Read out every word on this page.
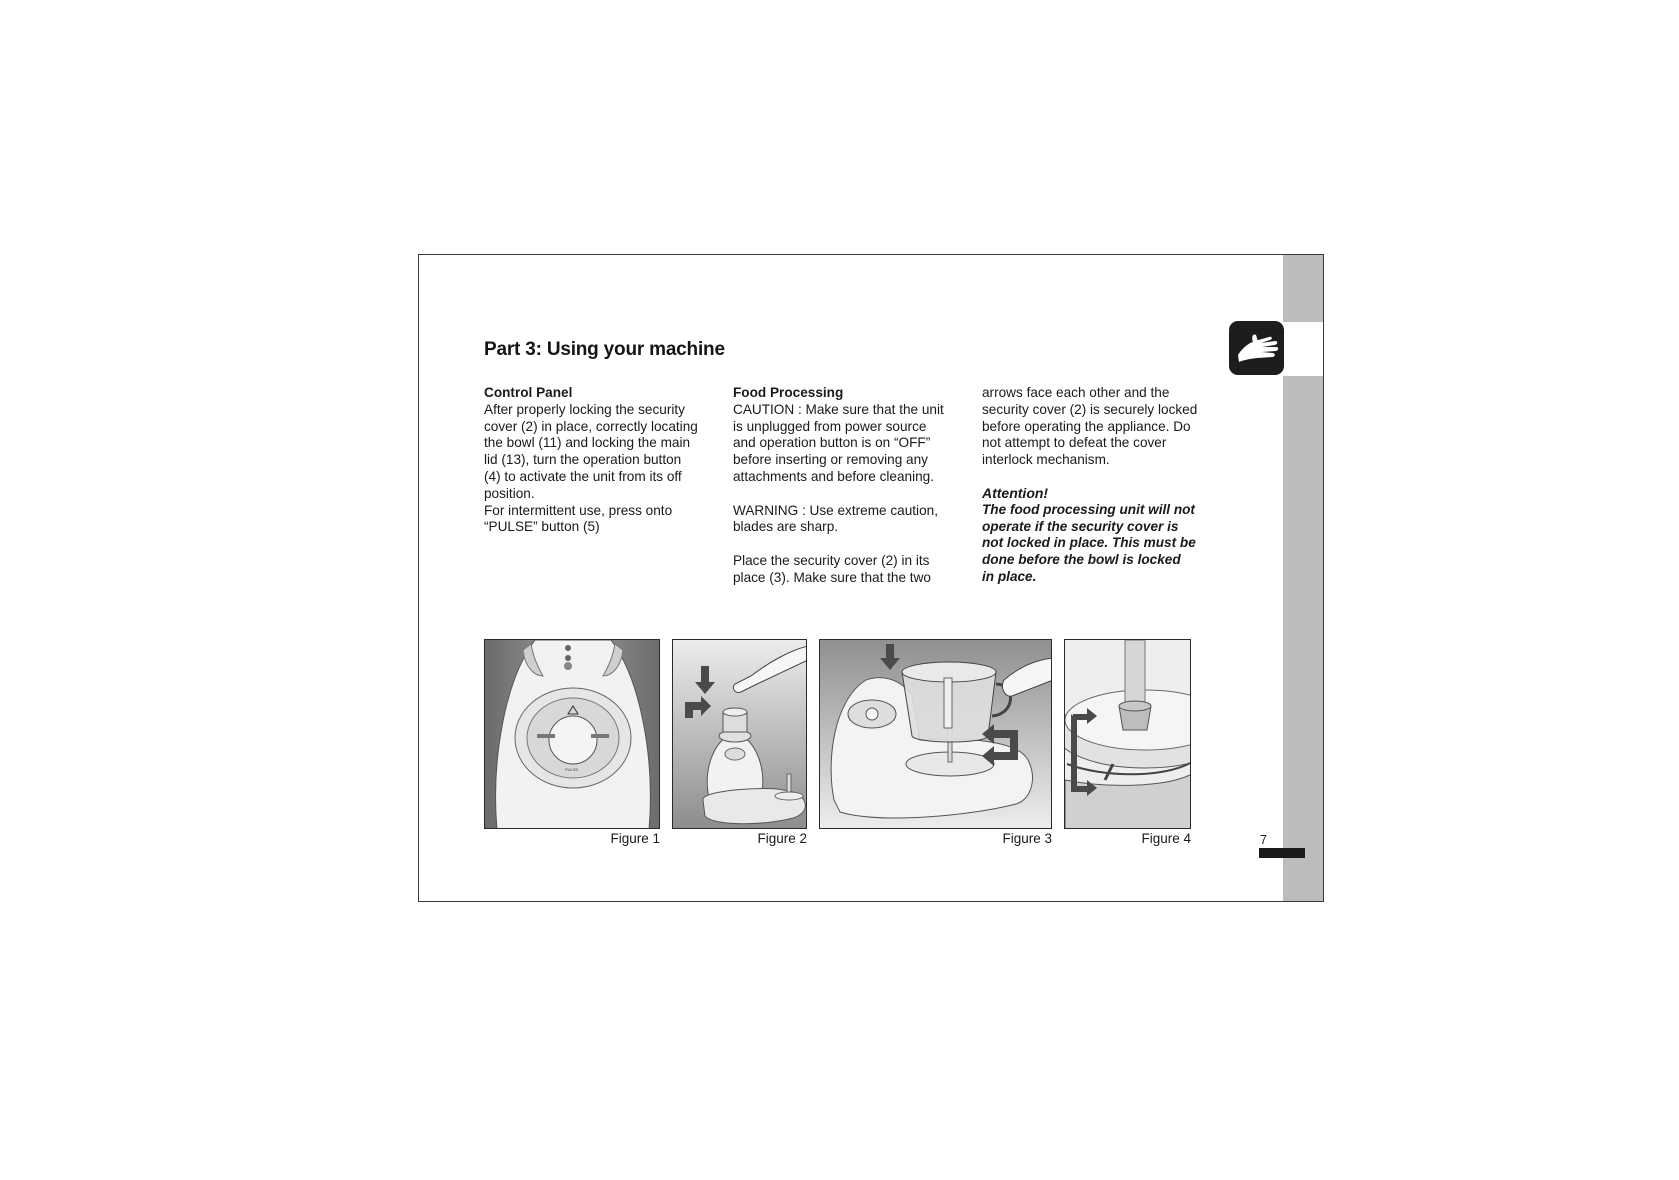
Part 3: Using your machine

Control Panel

After properly locking the security

cover (2) in place, correctly locating

the bowl (11) and locking the main

lid (13), turn the operation button

(4) to activate the unit from its off

position.

For intermittent use, press onto

“PULSE” button (5)

Food Processing

CAUTION : Make sure that the unit

is unplugged from power source

and operation button is on “OFF”

before inserting or removing any

attachments and before cleaning.

WARNING : Use extreme caution,

blades are sharp.

Place the security cover (2) in its

place (3). Make sure that the two

arrows face each other and the

security cover (2) is securely locked

before operating the appliance. Do

not attempt to defeat the cover

interlock mechanism.

Attention!

The food processing unit will not

operate if the security cover is

not locked in place. This must be

done before the bowl is locked

in place.

PULSE
Figure 1	Figure 2	Figure 3	Figure 4	7
